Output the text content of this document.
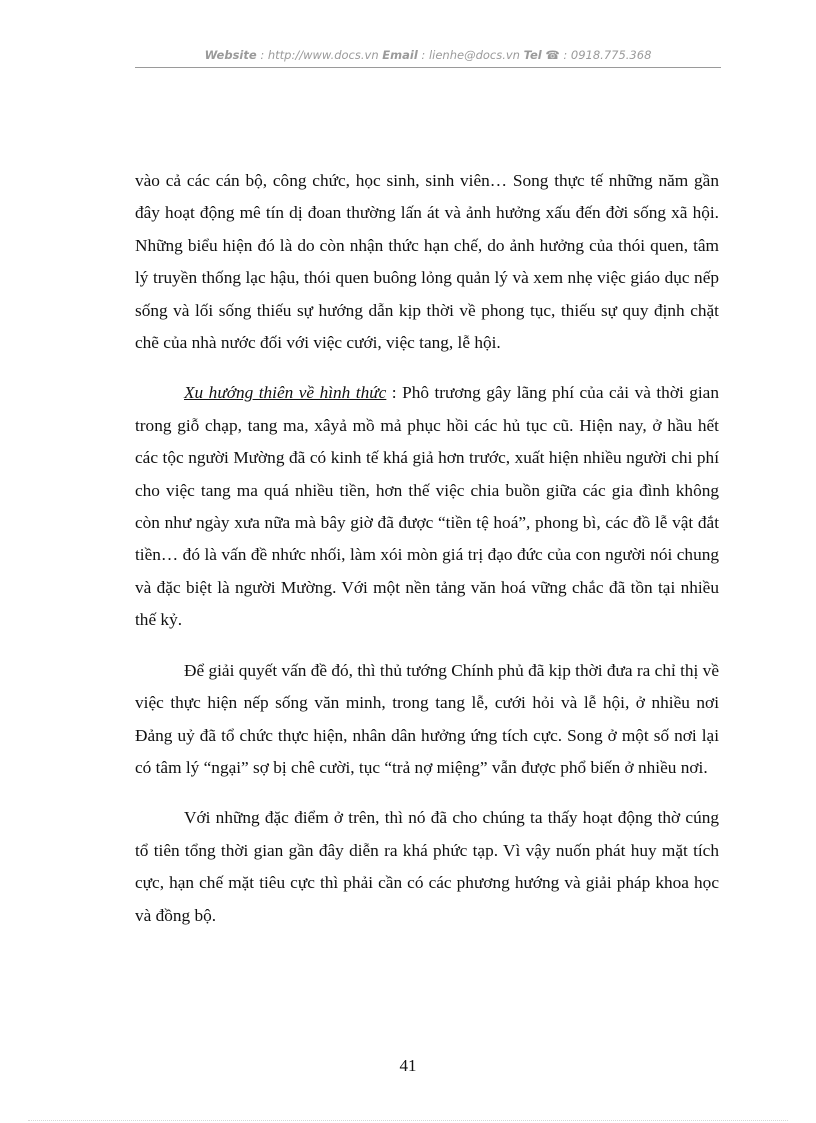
Website : http://www.docs.vn Email : lienhe@docs.vn Tel ☎ : 0918.775.368

vào cả các cán bộ, công chức, học sinh, sinh viên… Song thực tế những năm gần đây hoạt động mê tín dị đoan thường lấn át và ảnh hưởng xấu đến đời sống xã hội. Những biểu hiện đó là do còn nhận thức hạn chế, do ảnh hưởng của thói quen, tâm lý truyền thống lạc hậu, thói quen buông lỏng quản lý và xem nhẹ việc giáo dục nếp sống và lối sống thiếu sự hướng dẫn kịp thời về phong tục, thiếu sự quy định chặt chẽ của nhà nước đối với việc cưới, việc tang, lễ hội.

Xu hướng thiên về hình thức : Phô trương gây lãng phí của cải và thời gian trong giỗ chạp, tang ma, xâyả mồ mả phục hồi các hủ tục cũ. Hiện nay, ở hầu hết các tộc người Mường đã có kinh tế khá giả hơn trước, xuất hiện nhiều người chi phí cho việc tang ma quá nhiều tiền, hơn thế việc chia buồn giữa các gia đình không còn như ngày xưa nữa mà bây giờ đã được “tiền tệ hoá”, phong bì, các đồ lễ vật đắt tiền… đó là vấn đề nhức nhối, làm xói mòn giá trị đạo đức của con người nói chung và đặc biệt là người Mường. Với một nền tảng văn hoá vững chắc đã tồn tại nhiều thế kỷ.

Để giải quyết vấn đề đó, thì thủ tướng Chính phủ đã kịp thời đưa ra chỉ thị về việc thực hiện nếp sống văn minh, trong tang lễ, cưới hỏi và lễ hội, ở nhiều nơi Đảng uỷ đã tổ chức thực hiện, nhân dân hưởng ứng tích cực. Song ở một số nơi lại có tâm lý “ngại” sợ bị chê cười, tục “trả nợ miệng” vẫn được phổ biến ở nhiều nơi.

Với những đặc điểm ở trên, thì nó đã cho chúng ta thấy hoạt động thờ cúng tổ tiên tổng thời gian gần đây diễn ra khá phức tạp. Vì vậy nuốn phát huy mặt tích cực, hạn chế mặt tiêu cực thì phải cần có các phương hướng và giải pháp khoa học và đồng bộ.

41
